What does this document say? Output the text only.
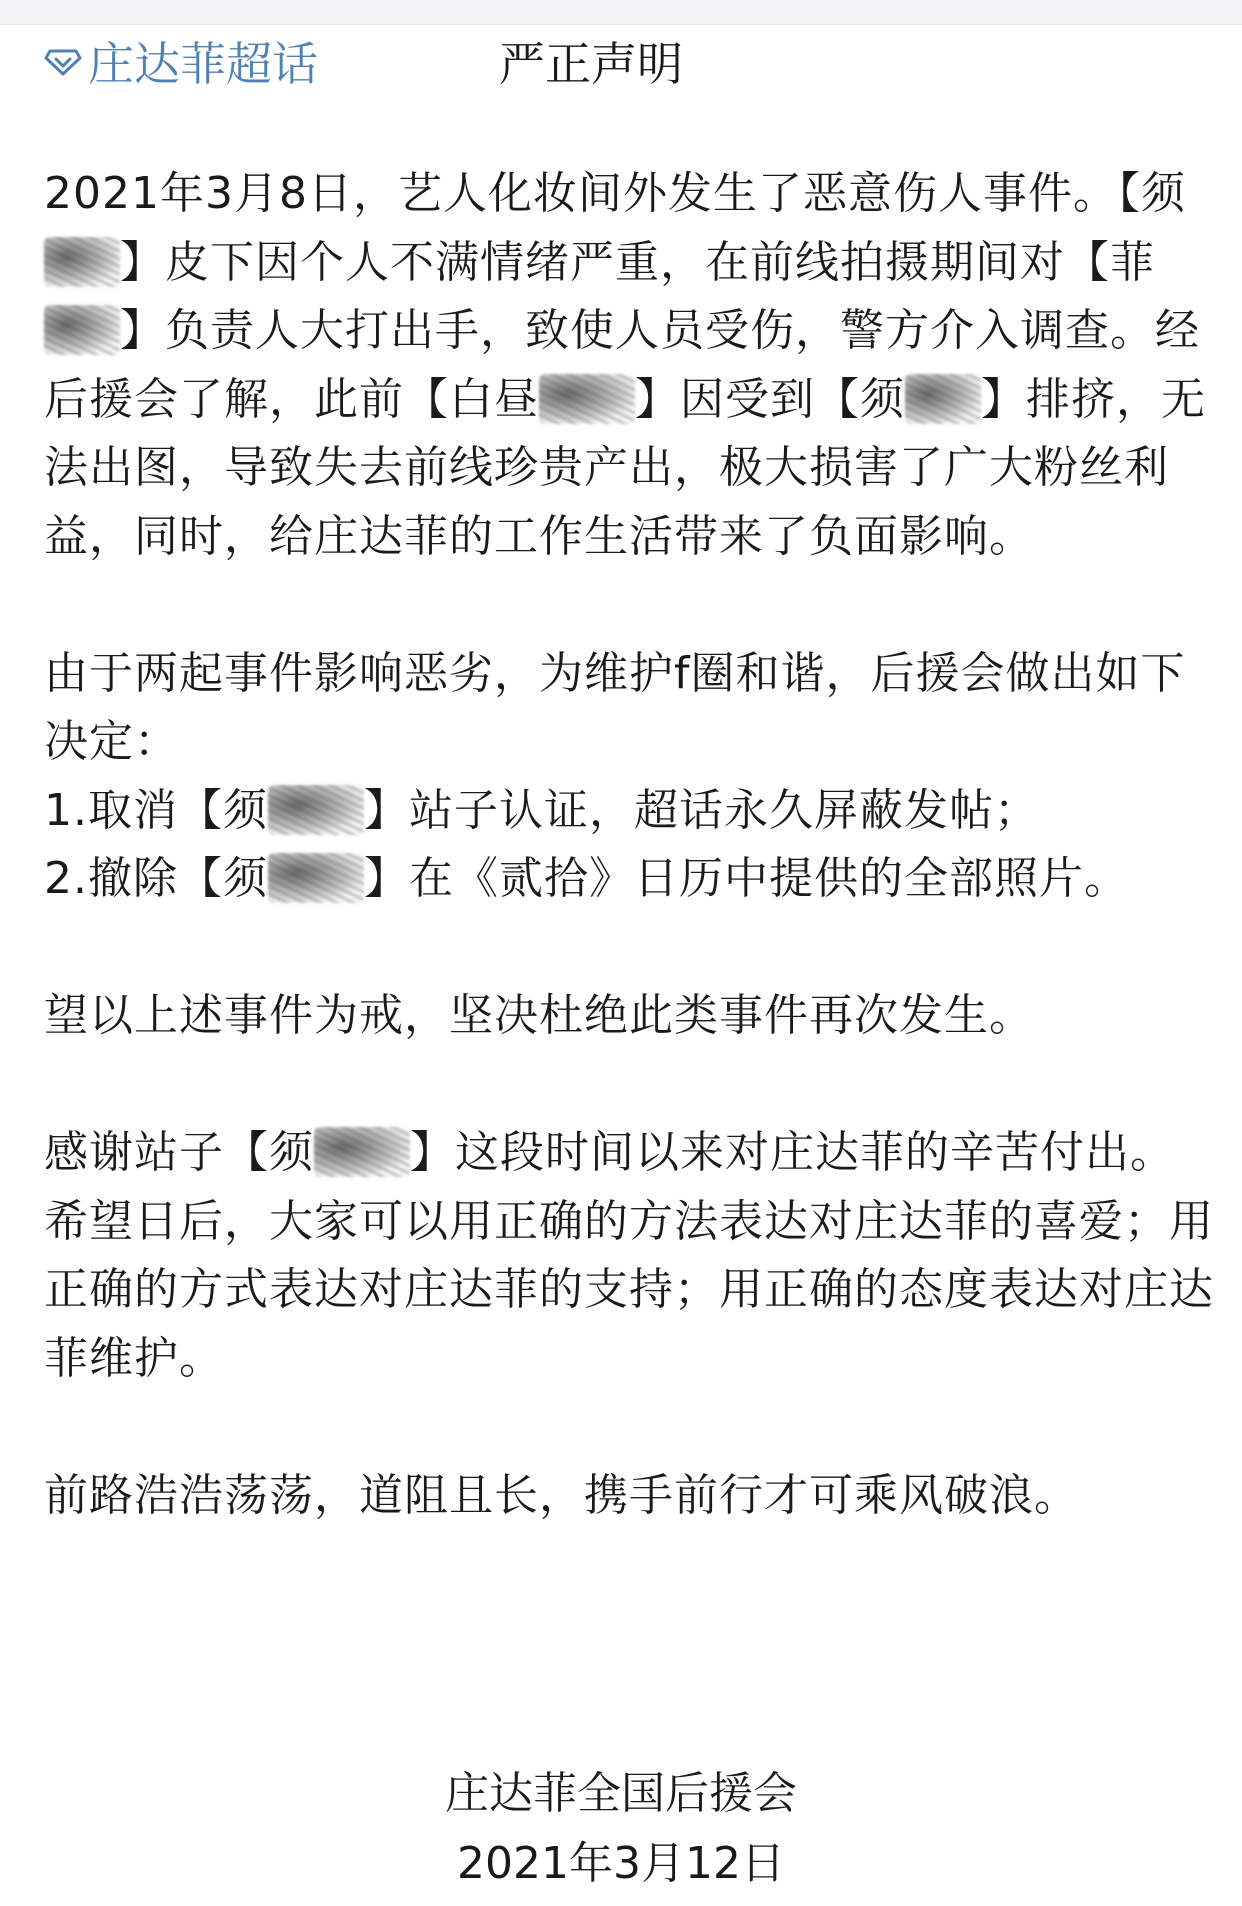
庄达菲超话	严正声明

2021年3月8日，艺人化妆间外发生了恶意伤人事件。【须】皮下因个人不满情绪严重，在前线拍摄期间对【菲】负责人大打出手，致使人员受伤，警方介入调查。经后援会了解，此前【白昼 】因受到【须 】排挤，无法出图，导致失去前线珍贵产出，极大损害了广大粉丝利益，同时，给庄达菲的工作生活带来了负面影响。

由于两起事件影响恶劣，为维护f圈和谐，后援会做出如下决定：

1.取消【须 】站子认证，超话永久屏蔽发帖；

2.撤除【须 】在《贰拾》日历中提供的全部照片。

望以上述事件为戒，坚决杜绝此类事件再次发生。

感谢站子【须 】这段时间以来对庄达菲的辛苦付出。

希望日后，大家可以用正确的方法表达对庄达菲的喜爱；用正确的方式表达对庄达菲的支持；用正确的态度表达对庄达菲维护。

前路浩浩荡荡，道阻且长，携手前行才可乘风破浪。

庄达菲全国后援会
2021年3月12日
